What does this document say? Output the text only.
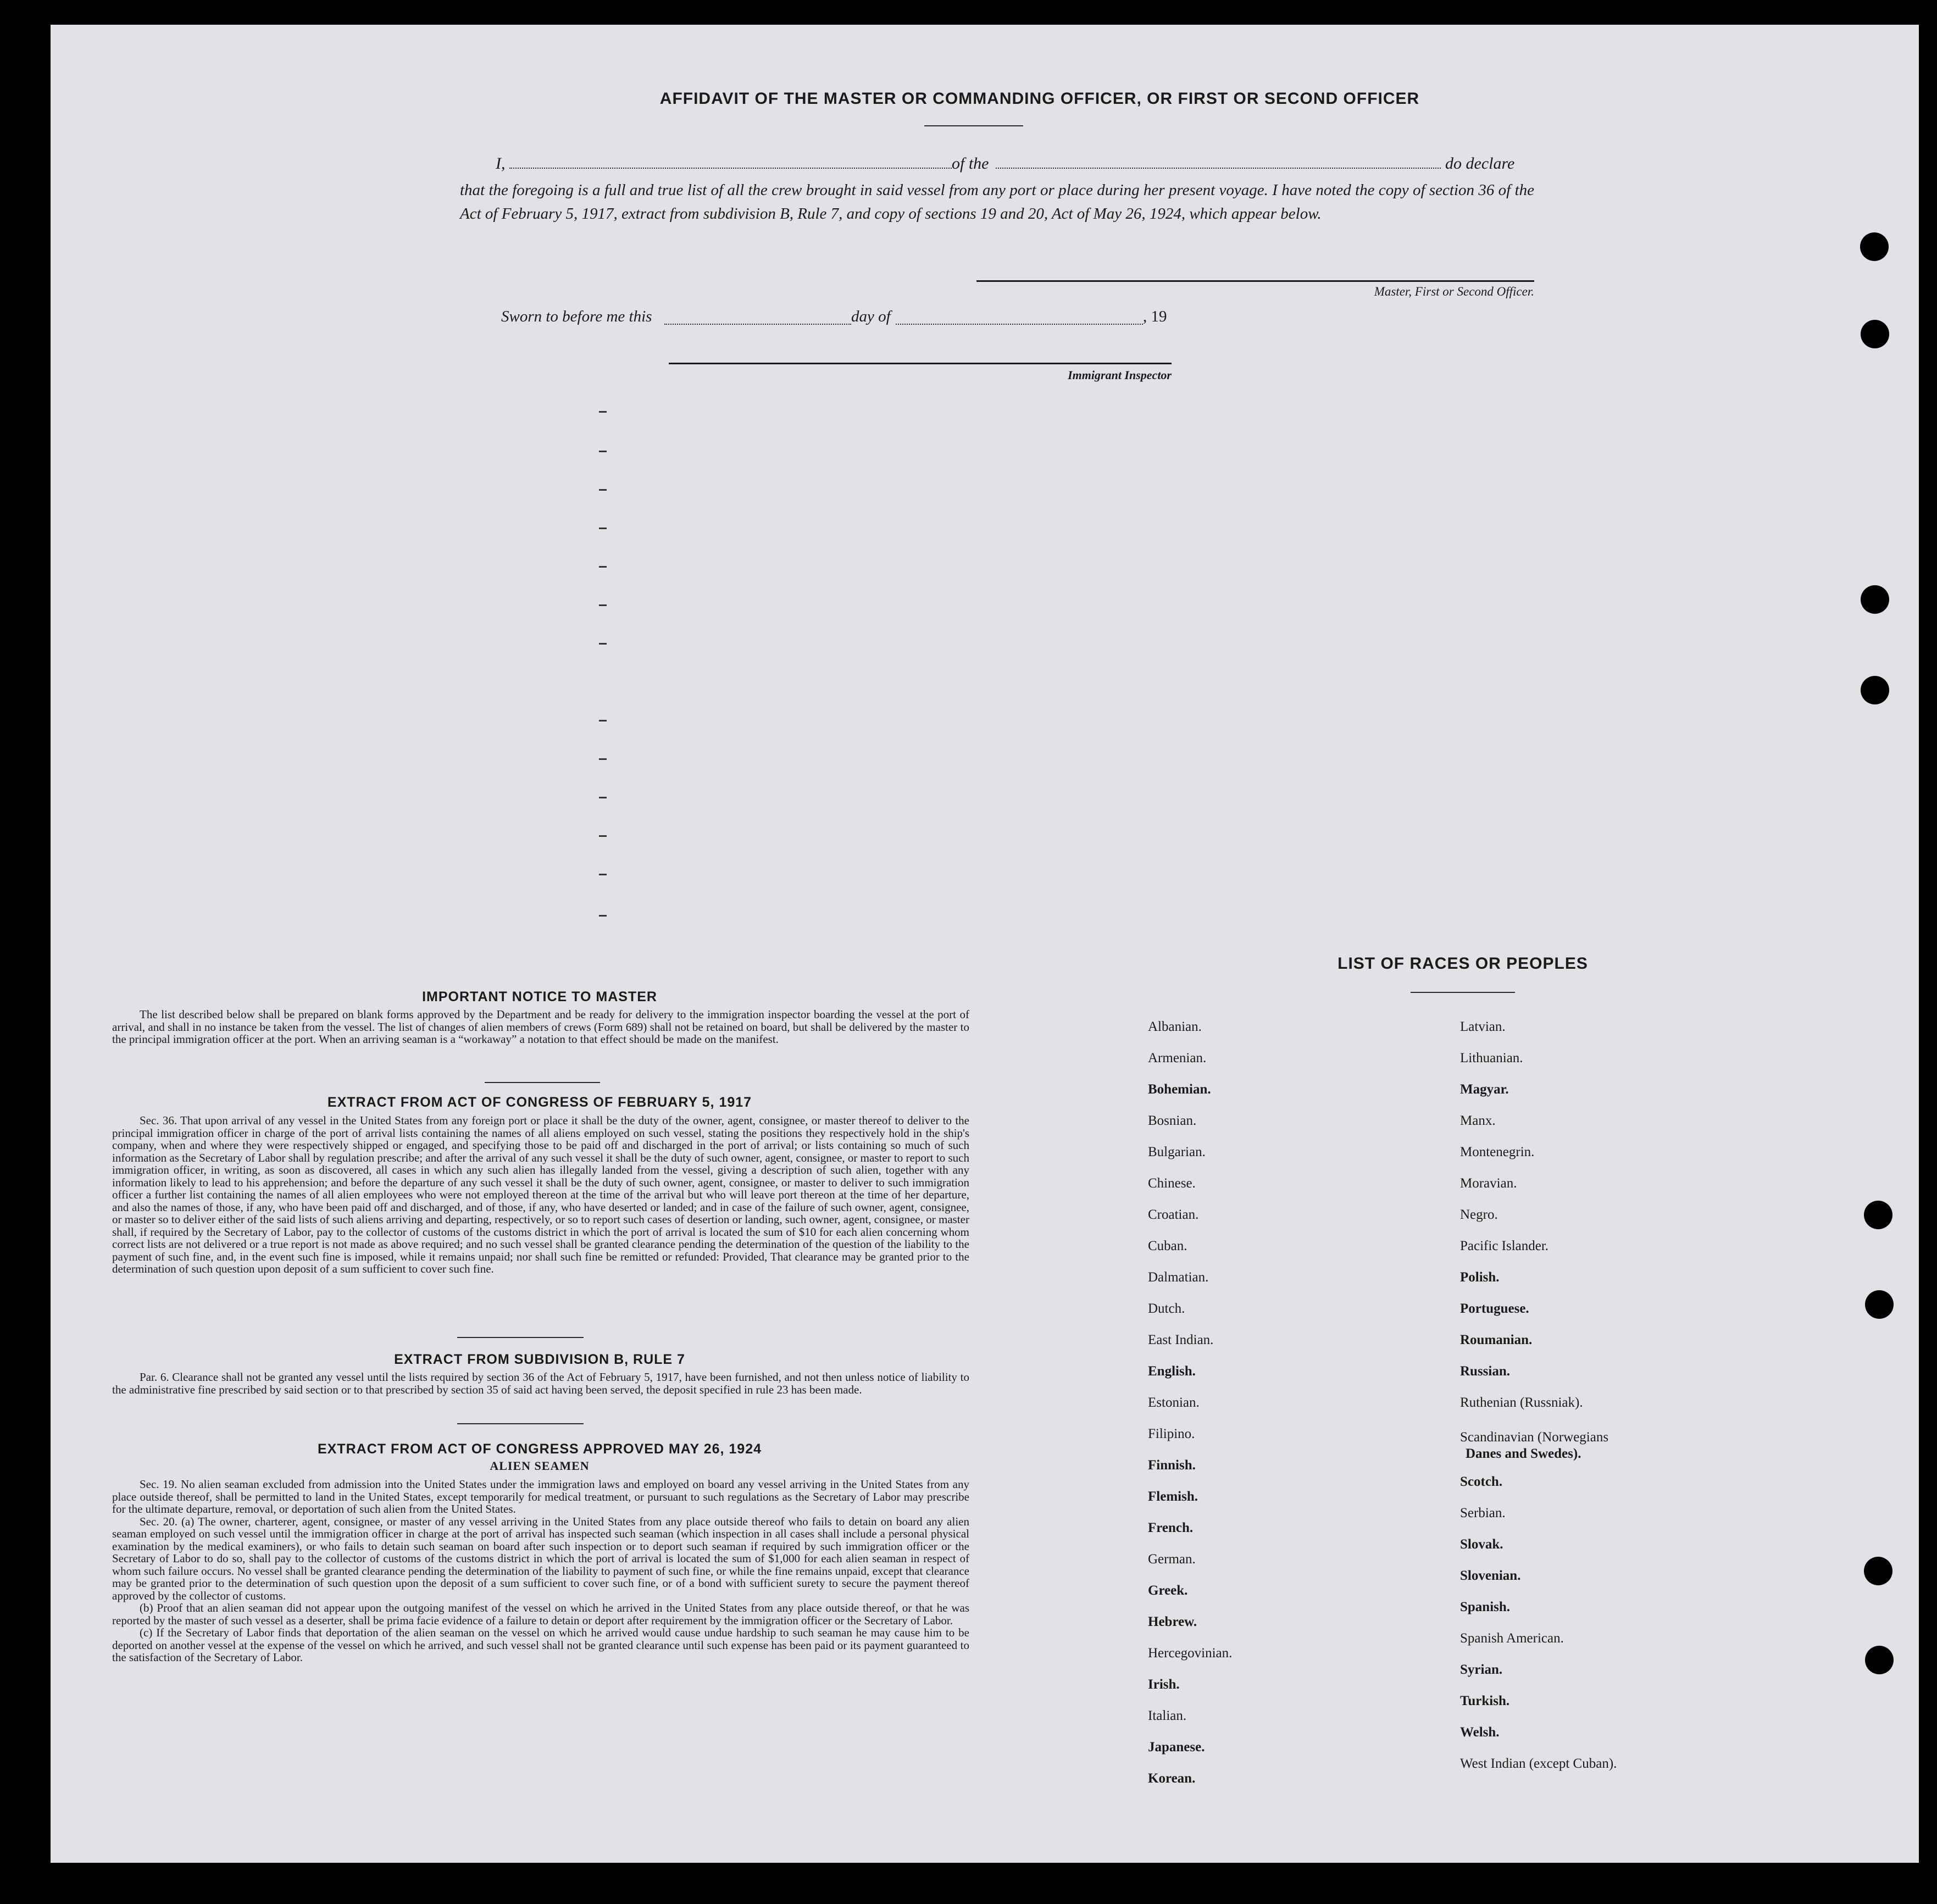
AFFIDAVIT OF THE MASTER OR COMMANDING OFFICER, OR FIRST OR SECOND OFFICER
I,	of the	do declare
that the foregoing is a full and true list of all the crew brought in said vessel from any port or place during her present voyage. I have noted the copy of section 36 of the Act of February 5, 1917, extract from subdivision B, Rule 7, and copy of sections 19 and 20, Act of May 26, 1924, which appear below.
Master, First or Second Officer.
Sworn to before me this	day of	, 19
Immigrant Inspector
IMPORTANT NOTICE TO MASTER

The list described below shall be prepared on blank forms approved by the Department and be ready for delivery to the immigration inspector boarding the vessel at the port of arrival, and shall in no instance be taken from the vessel. The list of changes of alien members of crews (Form 689) shall not be retained on board, but shall be delivered by the master to the principal immigration officer at the port. When an arriving seaman is a “workaway” a notation to that effect should be made on the manifest.

EXTRACT FROM ACT OF CONGRESS OF FEBRUARY 5, 1917

Sec. 36. That upon arrival of any vessel in the United States from any foreign port or place it shall be the duty of the owner, agent, consignee, or master thereof to deliver to the principal immigration officer in charge of the port of arrival lists containing the names of all aliens employed on such vessel, stating the positions they respectively hold in the ship's company, when and where they were respectively shipped or engaged, and specifying those to be paid off and discharged in the port of arrival; or lists containing so much of such information as the Secretary of Labor shall by regulation prescribe; and after the arrival of any such vessel it shall be the duty of such owner, agent, consignee, or master to report to such immigration officer, in writing, as soon as discovered, all cases in which any such alien has illegally landed from the vessel, giving a description of such alien, together with any information likely to lead to his apprehension; and before the departure of any such vessel it shall be the duty of such owner, agent, consignee, or master to deliver to such immigration officer a further list containing the names of all alien employees who were not employed thereon at the time of the arrival but who will leave port thereon at the time of her departure, and also the names of those, if any, who have been paid off and discharged, and of those, if any, who have deserted or landed; and in case of the failure of such owner, agent, consignee, or master so to deliver either of the said lists of such aliens arriving and departing, respectively, or so to report such cases of desertion or landing, such owner, agent, consignee, or master shall, if required by the Secretary of Labor, pay to the collector of customs of the customs district in which the port of arrival is located the sum of $10 for each alien concerning whom correct lists are not delivered or a true report is not made as above required; and no such vessel shall be granted clearance pending the determination of the question of the liability to the payment of such fine, and, in the event such fine is imposed, while it remains unpaid; nor shall such fine be remitted or refunded: Provided, That clearance may be granted prior to the determination of such question upon deposit of a sum sufficient to cover such fine.

EXTRACT FROM SUBDIVISION B, RULE 7

Par. 6. Clearance shall not be granted any vessel until the lists required by section 36 of the Act of February 5, 1917, have been furnished, and not then unless notice of liability to the administrative fine prescribed by said section or to that prescribed by section 35 of said act having been served, the deposit specified in rule 23 has been made.

EXTRACT FROM ACT OF CONGRESS APPROVED MAY 26, 1924
ALIEN SEAMEN

Sec. 19. No alien seaman excluded from admission into the United States under the immigration laws and employed on board any vessel arriving in the United States from any place outside thereof, shall be permitted to land in the United States, except temporarily for medical treatment, or pursuant to such regulations as the Secretary of Labor may prescribe for the ultimate departure, removal, or deportation of such alien from the United States.

Sec. 20. (a) The owner, charterer, agent, consignee, or master of any vessel arriving in the United States from any place outside thereof who fails to detain on board any alien seaman employed on such vessel until the immigration officer in charge at the port of arrival has inspected such seaman (which inspection in all cases shall include a personal physical examination by the medical examiners), or who fails to detain such seaman on board after such inspection or to deport such seaman if required by such immigration officer or the Secretary of Labor to do so, shall pay to the collector of customs of the customs district in which the port of arrival is located the sum of $1,000 for each alien seaman in respect of whom such failure occurs. No vessel shall be granted clearance pending the determination of the liability to payment of such fine, or while the fine remains unpaid, except that clearance may be granted prior to the determination of such question upon the deposit of a sum sufficient to cover such fine, or of a bond with sufficient surety to secure the payment thereof approved by the collector of customs.

(b) Proof that an alien seaman did not appear upon the outgoing manifest of the vessel on which he arrived in the United States from any place outside thereof, or that he was reported by the master of such vessel as a deserter, shall be prima facie evidence of a failure to detain or deport after requirement by the immigration officer or the Secretary of Labor.

(c) If the Secretary of Labor finds that deportation of the alien seaman on the vessel on which he arrived would cause undue hardship to such seaman he may cause him to be deported on another vessel at the expense of the vessel on which he arrived, and such vessel shall not be granted clearance until such expense has been paid or its payment guaranteed to the satisfaction of the Secretary of Labor.

LIST OF RACES OR PEOPLES
Albanian.
Armenian.
Bohemian.
Bosnian.
Bulgarian.
Chinese.
Croatian.
Cuban.
Dalmatian.
Dutch.
East Indian.
English.
Estonian.
Filipino.
Finnish.
Flemish.
French.
German.
Greek.
Hebrew.
Hercegovinian.
Irish.
Italian.
Japanese.
Korean.
Latvian.
Lithuanian.
Magyar.
Manx.
Montenegrin.
Moravian.
Negro.
Pacific Islander.
Polish.
Portuguese.
Roumanian.
Russian.
Ruthenian (Russniak).
Scandinavian (Norwegians
Danes and Swedes).
Scotch.
Serbian.
Slovak.
Slovenian.
Spanish.
Spanish American.
Syrian.
Turkish.
Welsh.
West Indian (except Cuban).
